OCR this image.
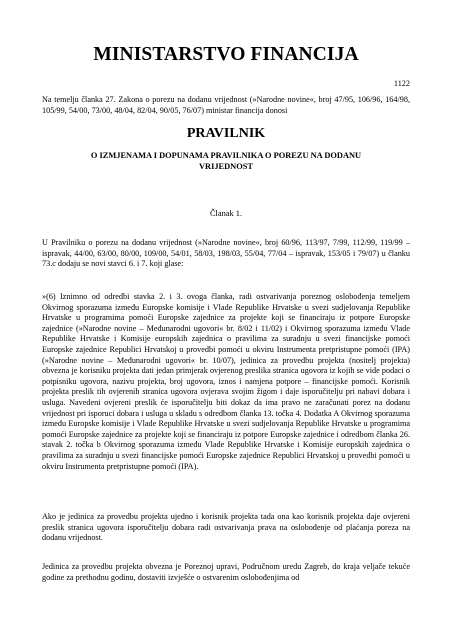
MINISTARSTVO FINANCIJA
1122
Na temelju članka 27. Zakona o porezu na dodanu vrijednost (»Narodne novine«, broj 47/95, 106/96, 164/98, 105/99, 54/00, 73/00, 48/04, 82/04, 90/05, 76/07) ministar financija donosi
PRAVILNIK
O IZMJENAMA I DOPUNAMA PRAVILNIKA O POREZU NA DODANU VRIJEDNOST
Članak 1.
U Pravilniku o porezu na dodanu vrijednost (»Narodne novine«, broj 60/96, 113/97, 7/99, 112/99, 119/99 – ispravak, 44/00, 63/00, 80/00, 109/00, 54/01, 58/03, 198/03, 55/04, 77/04 – ispravak, 153/05 i 79/07) u članku 73.c dodaju se novi stavci 6. i 7. koji glase:
»(6) Iznimno od odredbi stavka 2. i 3. ovoga članka, radi ostvarivanja poreznog oslobođenja temeljem Okvirnog sporazuma između Europske komisije i Vlade Republike Hrvatske u svezi sudjelovanja Republike Hrvatske u programima pomoći Europske zajednice za projekte koji se financiraju iz potpore Europske zajednice (»Narodne novine – Međunarodni ugovori« br. 8/02 i 11/02) i Okvirnog sporazuma između Vlade Republike Hrvatske i Komisije europskih zajednica o pravilima za suradnju u svezi financijske pomoći Europske zajednice Republici Hrvatskoj u provedbi pomoći u okviru Instrumenta pretpristupne pomoći (IPA) (»Narodne novine – Međunarodni ugovori« br. 10/07), jedinica za provedbu projekta (nositelj projekta) obvezna je korisniku projekta dati jedan primjerak ovjerenog preslika stranica ugovora iz kojih se vide podaci o potpisniku ugovora, nazivu projekta, broj ugovora, iznos i namjena potpore – financijske pomoći. Korisnik projekta preslik tih ovjerenih stranica ugovora ovjerava svojim žigom i daje isporučitelju pri nabavi dobara i usluga. Navedeni ovjereni preslik će isporučitelju biti dokaz da ima pravo ne zaračunati porez na dodanu vrijednost pri isporuci dobara i usluga u skladu s odredbom članka 13. točka 4. Dodatka A Okvirnog sporazuma između Europske komisije i Vlade Republike Hrvatske u svezi sudjelovanja Republike Hrvatske u programima pomoći Europske zajednice za projekte koji se financiraju iz potpore Europske zajednice i odredbom članka 26. stavak 2. točka b Okvirnog sporazuma između Vlade Republike Hrvatske i Komisije europskih zajednica o pravilima za suradnju u svezi financijske pomoći Europske zajednice Republici Hrvatskoj u provedbi pomoći u okviru Instrumenta pretpristupne pomoći (IPA).
Ako je jedinica za provedbu projekta ujedno i korisnik projekta tada ona kao korisnik projekta daje ovjereni preslik stranica ugovora isporučitelju dobara radi ostvarivanja prava na oslobođenje od plaćanja poreza na dodanu vrijednost.
Jedinica za provedbu projekta obvezna je Poreznoj upravi, Područnom uredu Zagreb, do kraja veljače tekuće godine za prethodnu godinu, dostaviti izvješće o ostvarenim oslobođenjima od
